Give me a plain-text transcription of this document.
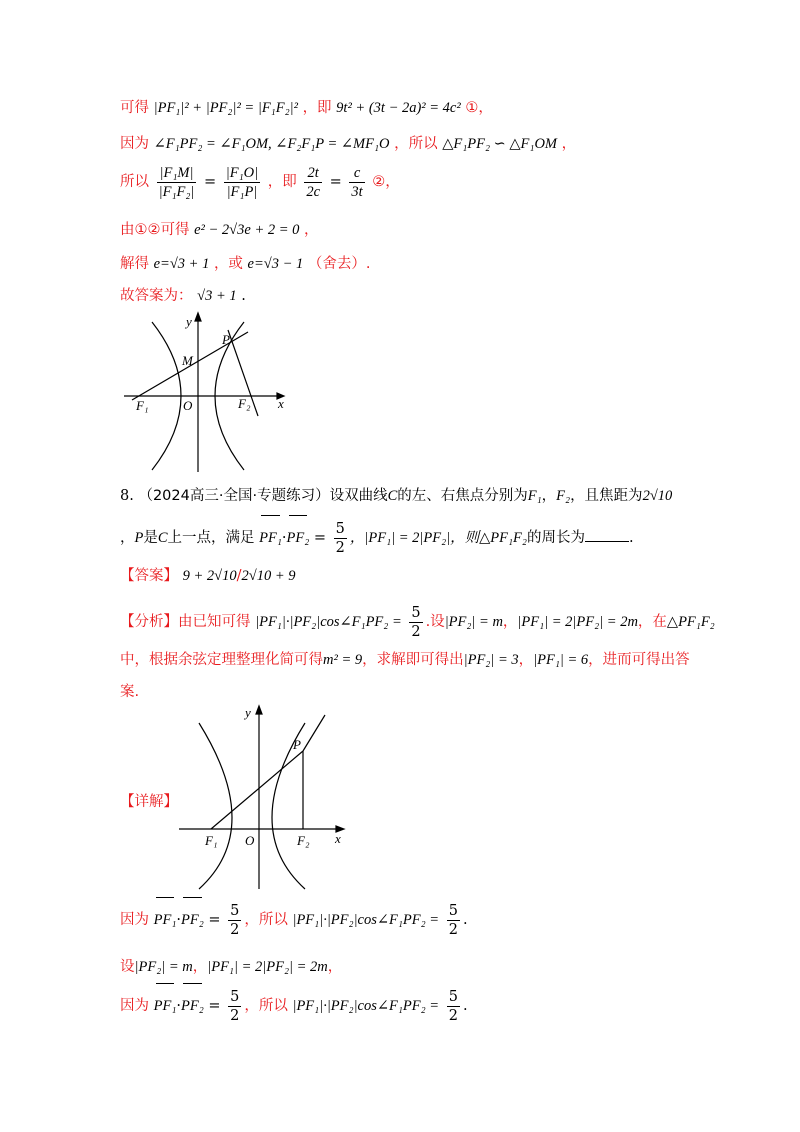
可得 |PF₁|² + |PF₂|² = |F₁F₂|² ，即 9t² + (3t − 2a)² = 4c² ①，
因为 ∠F₁PF₂ = ∠F₁OM, ∠F₂F₁P = ∠MF₁O ，所以 △F₁PF₂ ∽ △F₁OM ，
所以 $\frac{\text{|F₁M|}}{\text{|F₁F₂|}} = \frac{\text{|F₁O|}}{\text{|F₁P|}}$ ，即 $\frac{2t}{2c} = \frac{c}{3t}$ ②，
由①②可得 e² − 2√3e + 2 = 0 ，
解得 e=√3 + 1 ，或 e=√3 − 1 （舍去）.
故答案为： √3 + 1 .
y
x
P
M
F₁	O	F₂
8. （2024高三·全国·专题练习）设双曲线C的左、右焦点分别为F₁，F₂，且焦距为2√10
，P是C上一点，满足 $PF_1\cdot PF_2 = \frac{5}{2}$ ，|PF₁| = 2|PF₂|，则△PF₁F₂的周长为	.
【答案】 9 + 2√10/2√10 + 9
【分析】由已知可得 |PF₁|·|PF₂|cos∠F₁PF₂ = $\frac{5}{2}$ .设|PF₂| = m，|PF₁| = 2|PF₂| = 2m，在△PF₁F₂
中，根据余弦定理整理化简可得m² = 9，求解即可得出|PF₂| = 3，|PF₁| = 6，进而可得出答
案.
【详解】
y
x
P
F₁ O	F₂
因为 $PF_1\cdot PF_2 = \frac{5}{2}$ ，所以 |PF₁|·|PF₂|cos∠F₁PF₂ = $\frac{5}{2}$ .
设|PF₂| = m，|PF₁| = 2|PF₂| = 2m，
因为 $PF_1\cdot PF_2 = \frac{5}{2}$ ，所以 |PF₁|·|PF₂|cos∠F₁PF₂ = $\frac{5}{2}$ .
